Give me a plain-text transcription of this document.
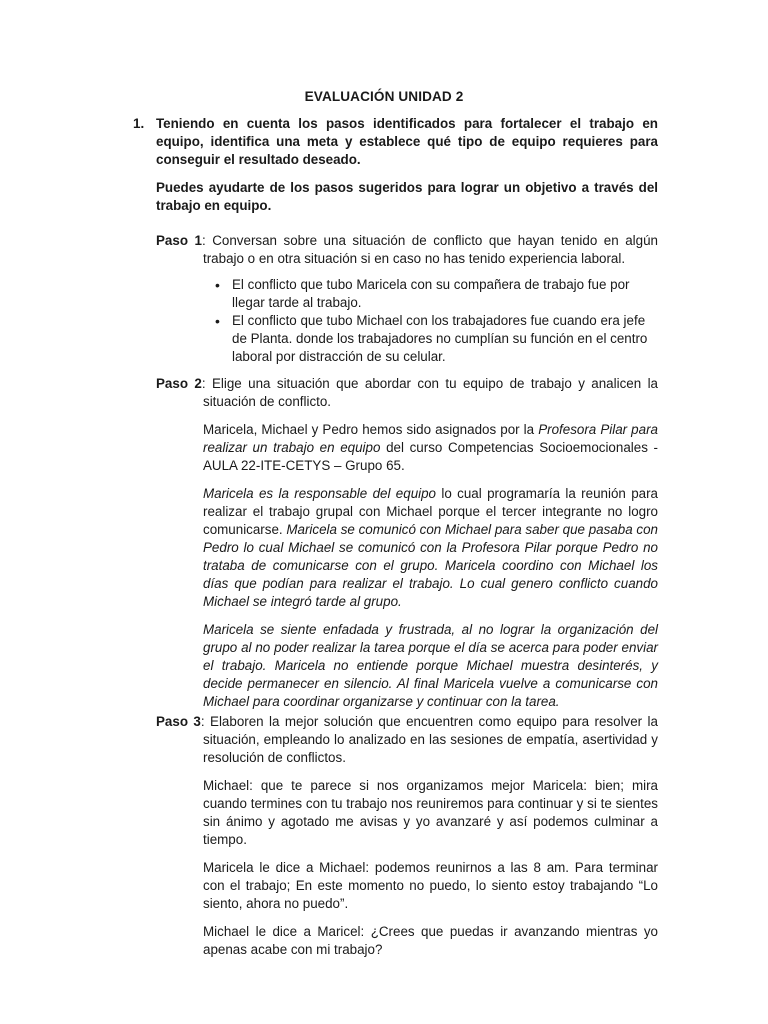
EVALUACIÓN UNIDAD 2
1. Teniendo en cuenta los pasos identificados para fortalecer el trabajo en equipo, identifica una meta y establece qué tipo de equipo requieres para conseguir el resultado deseado.
Puedes ayudarte de los pasos sugeridos para lograr un objetivo a través del trabajo en equipo.
Paso 1: Conversan sobre una situación de conflicto que hayan tenido en algún trabajo o en otra situación si en caso no has tenido experiencia laboral.
• El conflicto que tubo Maricela con su compañera de trabajo fue por llegar tarde al trabajo.
• El conflicto que tubo Michael con los trabajadores fue cuando era jefe de Planta. donde los trabajadores no cumplían su función en el centro laboral por distracción de su celular.
Paso 2: Elige una situación que abordar con tu equipo de trabajo y analicen la situación de conflicto.

Maricela, Michael y Pedro hemos sido asignados por la Profesora Pilar para realizar un trabajo en equipo del curso Competencias Socioemocionales - AULA 22-ITE-CETYS – Grupo 65.

Maricela es la responsable del equipo lo cual programaría la reunión para realizar el trabajo grupal con Michael porque el tercer integrante no logro comunicarse. Maricela se comunicó con Michael para saber que pasaba con Pedro lo cual Michael se comunicó con la Profesora Pilar porque Pedro no trataba de comunicarse con el grupo. Maricela coordino con Michael los días que podían para realizar el trabajo. Lo cual genero conflicto cuando Michael se integró tarde al grupo.

Maricela se siente enfadada y frustrada, al no lograr la organización del grupo al no poder realizar la tarea porque el día se acerca para poder enviar el trabajo. Maricela no entiende porque Michael muestra desinterés, y decide permanecer en silencio. Al final Maricela vuelve a comunicarse con Michael para coordinar organizarse y continuar con la tarea.

Paso 3: Elaboren la mejor solución que encuentren como equipo para resolver la situación, empleando lo analizado en las sesiones de empatía, asertividad y resolución de conflictos.

Michael: que te parece si nos organizamos mejor Maricela: bien; mira cuando termines con tu trabajo nos reuniremos para continuar y si te sientes sin ánimo y agotado me avisas y yo avanzaré y así podemos culminar a tiempo.

Maricela le dice a Michael: podemos reunirnos a las 8 am. Para terminar con el trabajo; En este momento no puedo, lo siento estoy trabajando “Lo siento, ahora no puedo”.

Michael le dice a Maricel: ¿Crees que puedas ir avanzando mientras yo apenas acabe con mi trabajo?
